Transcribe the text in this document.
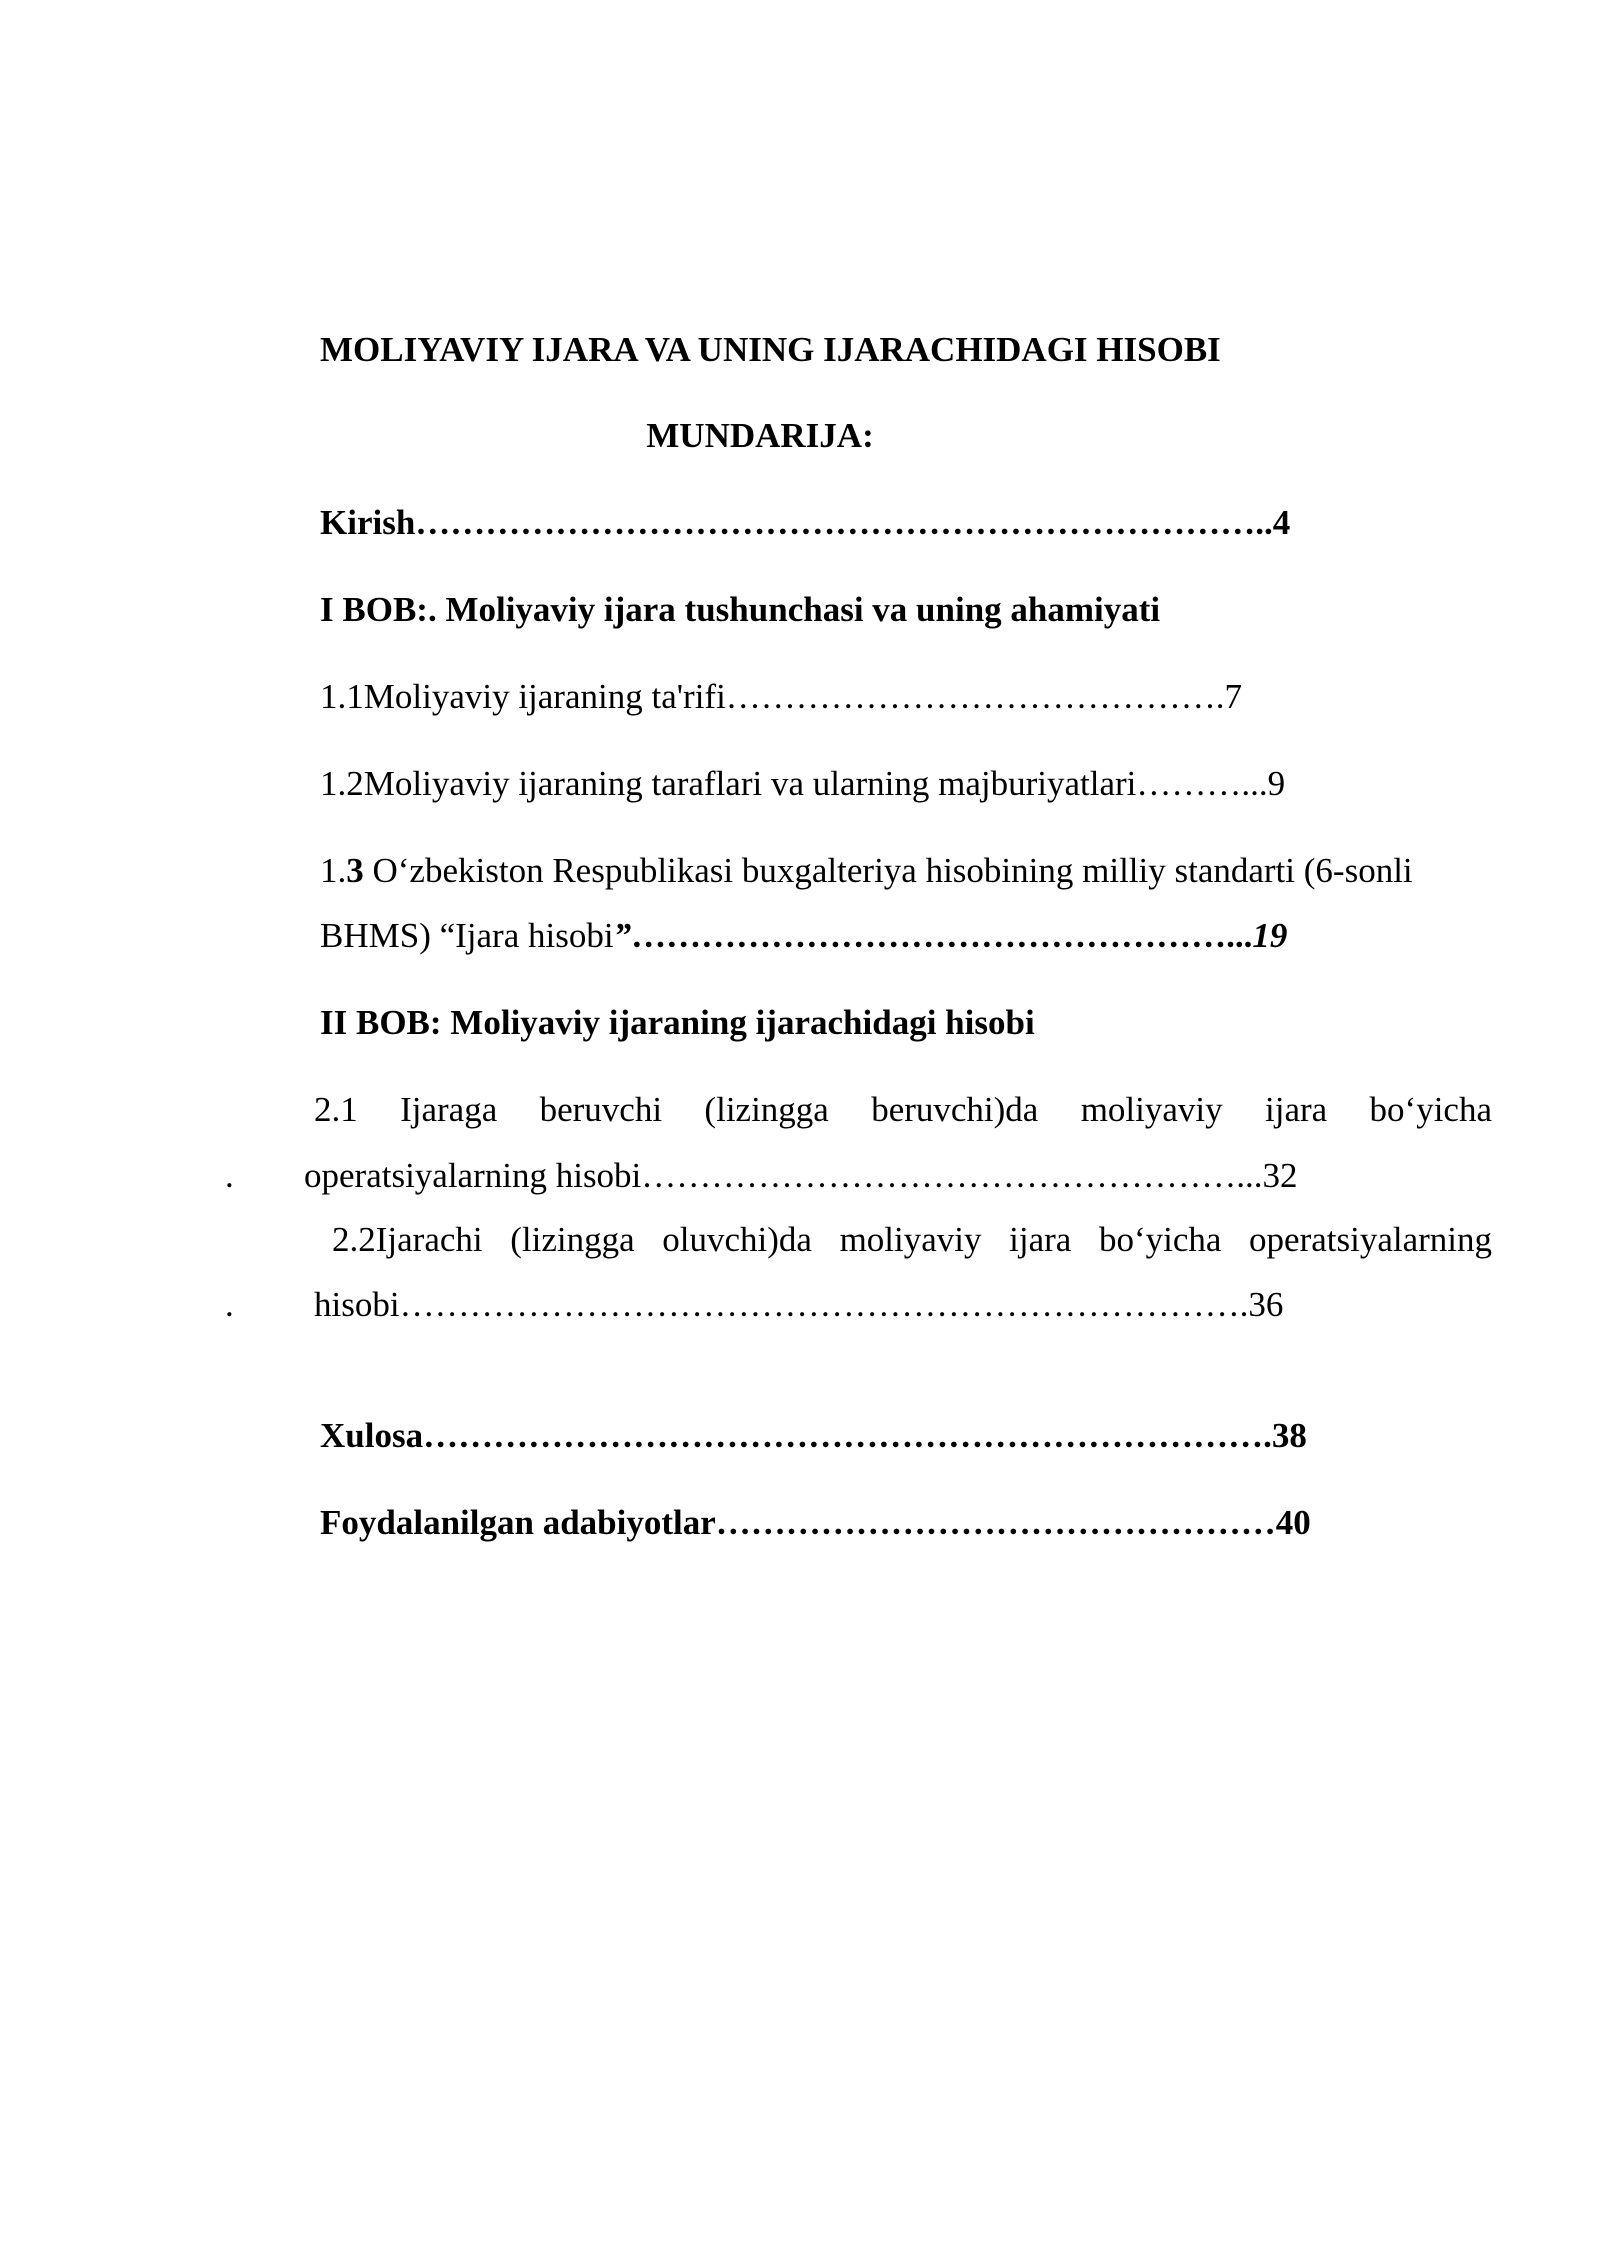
MOLIYAVIY IJARA VA UNING IJARACHIDAGI HISOBI
MUNDARIJA:
Kirish………………………………………………………………..4
I BOB:. Moliyaviy ijara tushunchasi va uning ahamiyati
1.1Moliyaviy ijaraning ta'rifi…………………………………….7
1.2Moliyaviy ijaraning taraflari va ularning majburiyatlari………...9
1.3 O‘zbekiston Respublikasi buxgalteriya hisobining milliy standarti (6-sonli
BHMS) “Ijara hisobi”……………………………………………...19
II BOB: Moliyaviy ijaraning ijarachidagi hisobi
2.1 Ijaraga beruvchi (lizingga beruvchi)da moliyaviy ijara bo‘yicha
. operatsiyalarning hisobi……………………………………………...32
2.2Ijarachi (lizingga oluvchi)da moliyaviy ijara bo‘yicha operatsiyalarning
. hisobi……………………………………………………………….36
Xulosa……………………………………………………………….38
Foydalanilgan adabiyotlar…………………………………………40
